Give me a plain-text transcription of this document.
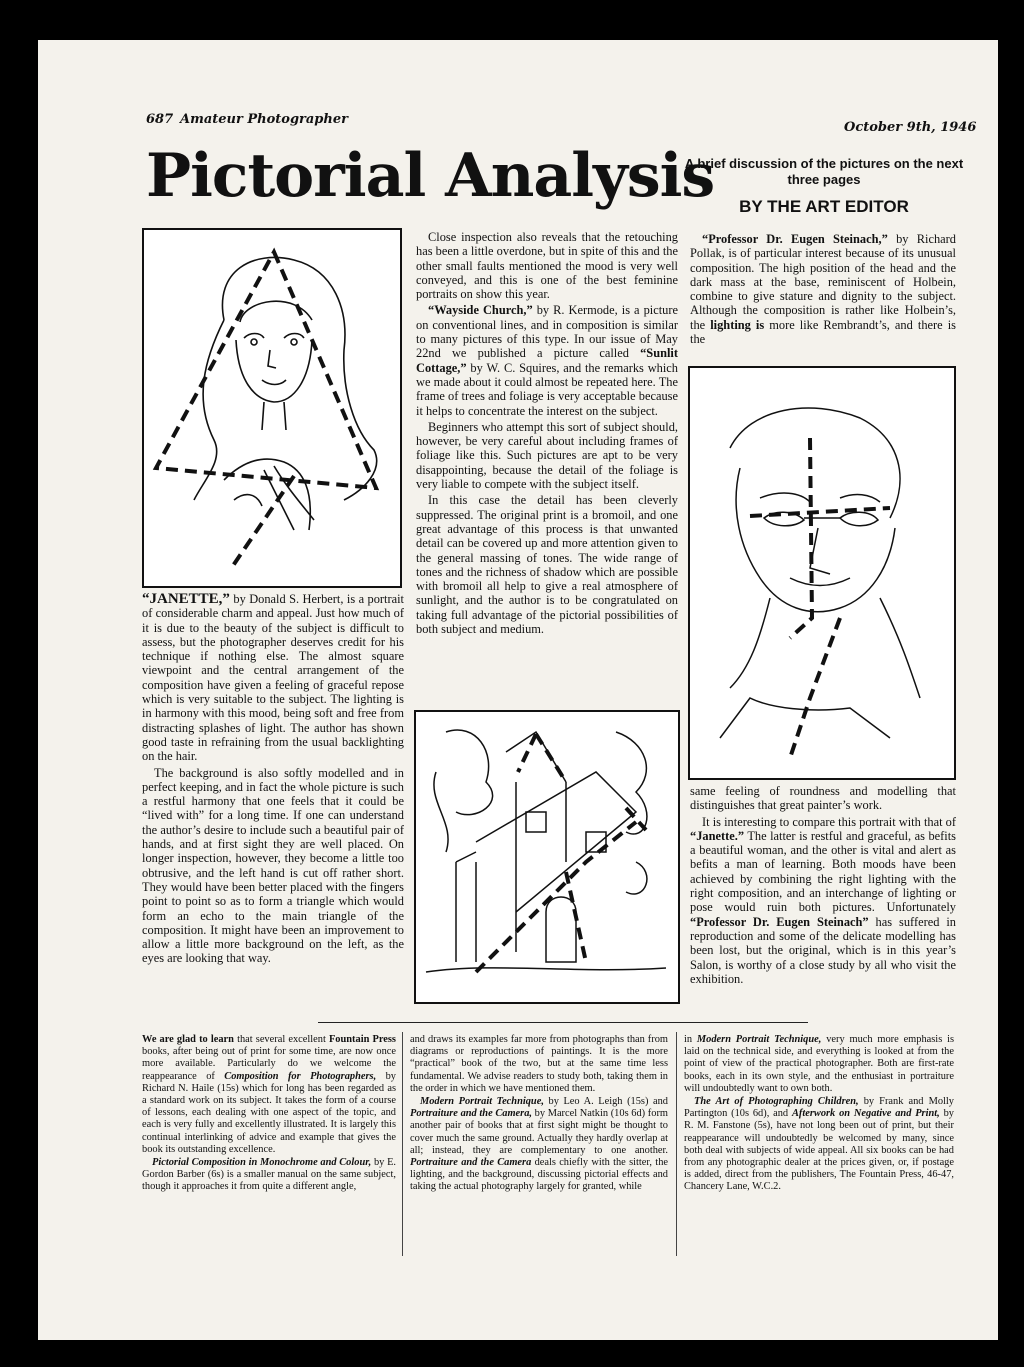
687 Amateur Photographer
October 9th, 1946
Pictorial Analysis
A brief discussion of the pictures on the next three pages
BY THE ART EDITOR

“JANETTE,” by Donald S. Herbert, is a portrait of considerable charm and appeal. Just how much of it is due to the beauty of the subject is difficult to assess, but the photographer deserves credit for his technique if nothing else. The almost square viewpoint and the central arrangement of the composition have given a feeling of graceful repose which is very suitable to the subject. The lighting is in harmony with this mood, being soft and free from distracting splashes of light. The author has shown good taste in refraining from the usual backlighting on the hair.

The background is also softly modelled and in perfect keeping, and in fact the whole picture is such a restful harmony that one feels that it could be “lived with” for a long time. If one can understand the author’s desire to include such a beautiful pair of hands, and at first sight they are well placed. On longer inspection, however, they become a little too obtrusive, and the left hand is cut off rather short. They would have been better placed with the fingers point to point so as to form a triangle which would form an echo to the main triangle of the composition. It might have been an improvement to allow a little more background on the left, as the eyes are looking that way.

Close inspection also reveals that the retouching has been a little overdone, but in spite of this and the other small faults mentioned the mood is very well conveyed, and this is one of the best feminine portraits on show this year.

“Wayside Church,” by R. Kermode, is a picture on conventional lines, and in composition is similar to many pictures of this type. In our issue of May 22nd we published a picture called “Sunlit Cottage,” by W. C. Squires, and the remarks which we made about it could almost be repeated here. The frame of trees and foliage is very acceptable because it helps to concentrate the interest on the subject.

Beginners who attempt this sort of subject should, however, be very careful about including frames of foliage like this. Such pictures are apt to be very disappointing, because the detail of the foliage is very liable to compete with the subject itself.

In this case the detail has been cleverly suppressed. The original print is a bromoil, and one great advantage of this process is that unwanted detail can be covered up and more attention given to the general massing of tones. The wide range of tones and the richness of shadow which are possible with bromoil all help to give a real atmosphere of sunlight, and the author is to be congratulated on taking full advantage of the pictorial possibilities of both subject and medium.

“Professor Dr. Eugen Steinach,” by Richard Pollak, is of particular interest because of its unusual composition. The high position of the head and the dark mass at the base, reminiscent of Holbein, combine to give stature and dignity to the subject. Although the composition is rather like Holbein’s, the lighting is more like Rembrandt’s, and there is the

same feeling of roundness and modelling that distinguishes that great painter’s work.

It is interesting to compare this portrait with that of “Janette.” The latter is restful and graceful, as befits a beautiful woman, and the other is vital and alert as befits a man of learning. Both moods have been achieved by combining the right lighting with the right composition, and an interchange of lighting or pose would ruin both pictures. Unfortunately “Professor Dr. Eugen Steinach” has suffered in reproduction and some of the delicate modelling has been lost, but the original, which is in this year’s Salon, is worthy of a close study by all who visit the exhibition.

We are glad to learn that several excellent Fountain Press books, after being out of print for some time, are now once more available. Particularly do we welcome the reappearance of Composition for Photographers, by Richard N. Haile (15s) which for long has been regarded as a standard work on its subject. It takes the form of a course of lessons, each dealing with one aspect of the topic, and each is very fully and excellently illustrated. It is largely this continual interlinking of advice and example that gives the book its outstanding excellence.

Pictorial Composition in Monochrome and Colour, by E. Gordon Barber (6s) is a smaller manual on the same subject, though it approaches it from quite a different angle,

and draws its examples far more from photographs than from diagrams or reproductions of paintings. It is the more “practical” book of the two, but at the same time less fundamental. We advise readers to study both, taking them in the order in which we have mentioned them.

Modern Portrait Technique, by Leo A. Leigh (15s) and Portraiture and the Camera, by Marcel Natkin (10s 6d) form another pair of books that at first sight might be thought to cover much the same ground. Actually they hardly overlap at all; instead, they are complementary to one another. Portraiture and the Camera deals chiefly with the sitter, the lighting, and the background, discussing pictorial effects and taking the actual photography largely for granted, while

in Modern Portrait Technique, very much more emphasis is laid on the technical side, and everything is looked at from the point of view of the practical photographer. Both are first-rate books, each in its own style, and the enthusiast in portraiture will undoubtedly want to own both.

The Art of Photographing Children, by Frank and Molly Partington (10s 6d), and Afterwork on Negative and Print, by R. M. Fanstone (5s), have not long been out of print, but their reappearance will undoubtedly be welcomed by many, since both deal with subjects of wide appeal. All six books can be had from any photographic dealer at the prices given, or, if postage is added, direct from the publishers, The Fountain Press, 46-47, Chancery Lane, W.C.2.
